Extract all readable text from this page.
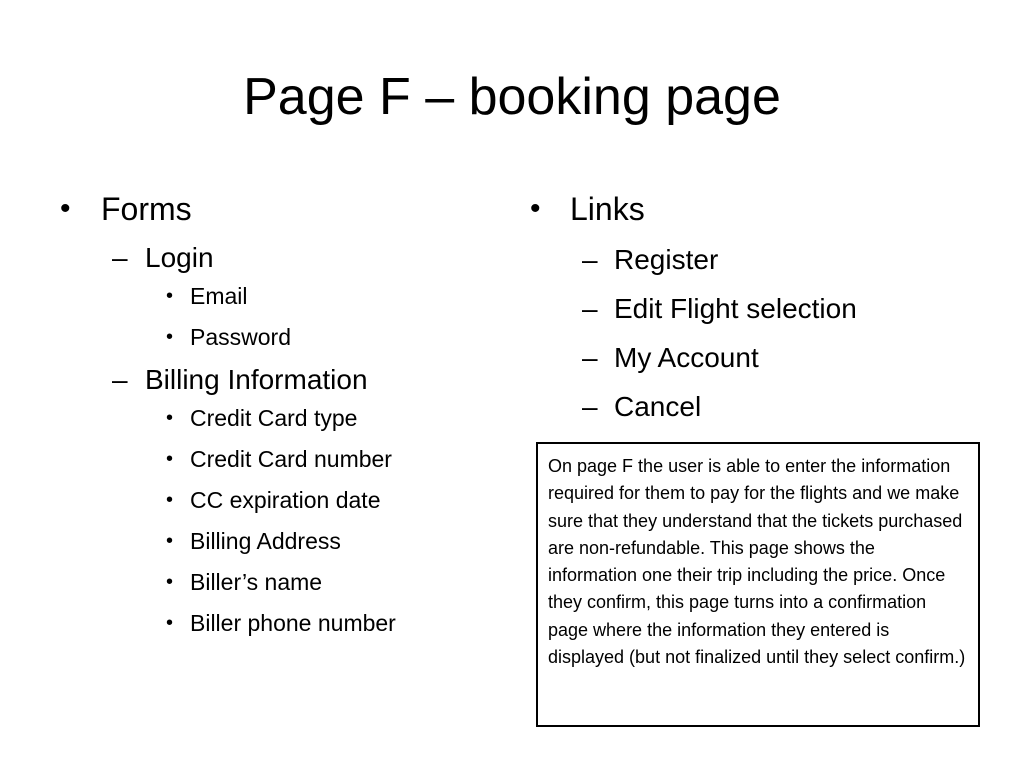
Page F – booking page
• Forms
– Login
• Email
• Password
– Billing Information
• Credit Card type
• Credit Card number
• CC expiration date
• Billing Address
• Biller’s name
• Biller phone number
• Links
– Register
– Edit Flight selection
– My Account
– Cancel
On page F the user is able to enter the information required for them to pay for the flights and we make sure that they understand that the tickets purchased are non-refundable. This page shows the information one their trip including the price. Once they confirm, this page turns into a confirmation page where the information they entered is displayed (but not finalized until they select confirm.)
